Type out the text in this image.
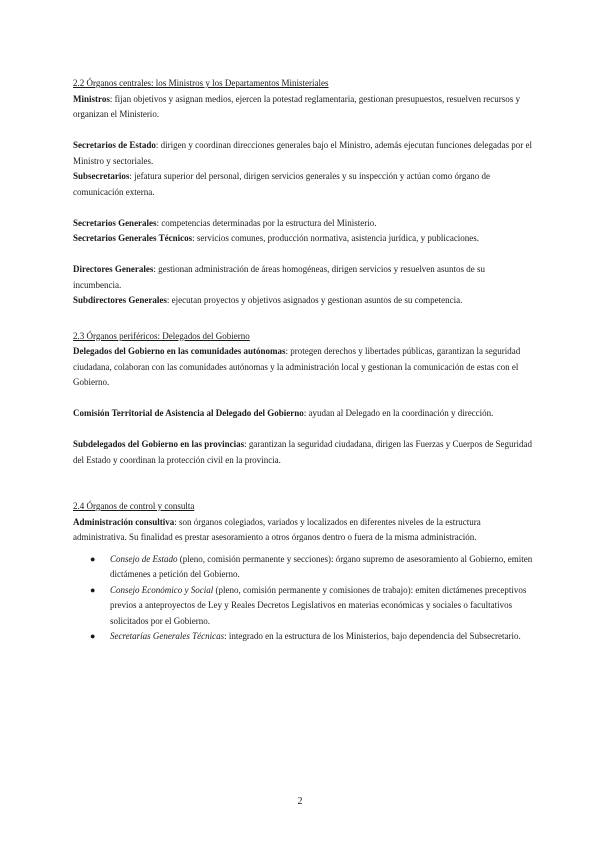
2.2 Órganos centrales: los Ministros y los Departamentos Ministeriales

Ministros: fijan objetivos y asignan medios, ejercen la potestad reglamentaria, gestionan presupuestos, resuelven recursos y organizan el Ministerio.

Secretarios de Estado: dirigen y coordinan direcciones generales bajo el Ministro, además ejecutan funciones delegadas por el Ministro y sectoriales.

Subsecretarios: jefatura superior del personal, dirigen servicios generales y su inspección y actúan como órgano de comunicación externa.

Secretarios Generales: competencias determinadas por la estructura del Ministerio.

Secretarios Generales Técnicos: servicios comunes, producción normativa, asistencia jurídica, y publicaciones.

Directores Generales: gestionan administración de áreas homogéneas, dirigen servicios y resuelven asuntos de su incumbencia.

Subdirectores Generales: ejecutan proyectos y objetivos asignados y gestionan asuntos de su competencia.

2.3 Órganos periféricos: Delegados del Gobierno

Delegados del Gobierno en las comunidades autónomas: protegen derechos y libertades públicas, garantizan la seguridad ciudadana, colaboran con las comunidades autónomas y la administración local y gestionan la comunicación de estas con el Gobierno.

Comisión Territorial de Asistencia al Delegado del Gobierno: ayudan al Delegado en la coordinación y dirección.

Subdelegados del Gobierno en las provincias: garantizan la seguridad ciudadana, dirigen las Fuerzas y Cuerpos de Seguridad del Estado y coordinan la protección civil en la provincia.

2.4 Órganos de control y consulta

Administración consultiva: son órganos colegiados, variados y localizados en diferentes niveles de la estructura administrativa. Su finalidad es prestar asesoramiento a otros órganos dentro o fuera de la misma administración.

● Consejo de Estado (pleno, comisión permanente y secciones): órgano supremo de asesoramiento al Gobierno, emiten dictámenes a petición del Gobierno.
● Consejo Económico y Social (pleno, comisión permanente y comisiones de trabajo): emiten dictámenes preceptivos previos a anteproyectos de Ley y Reales Decretos Legislativos en materias económicas y sociales o facultativos solicitados por el Gobierno.
● Secretarías Generales Técnicas: integrado en la estructura de los Ministerios, bajo dependencia del Subsecretario.
2
